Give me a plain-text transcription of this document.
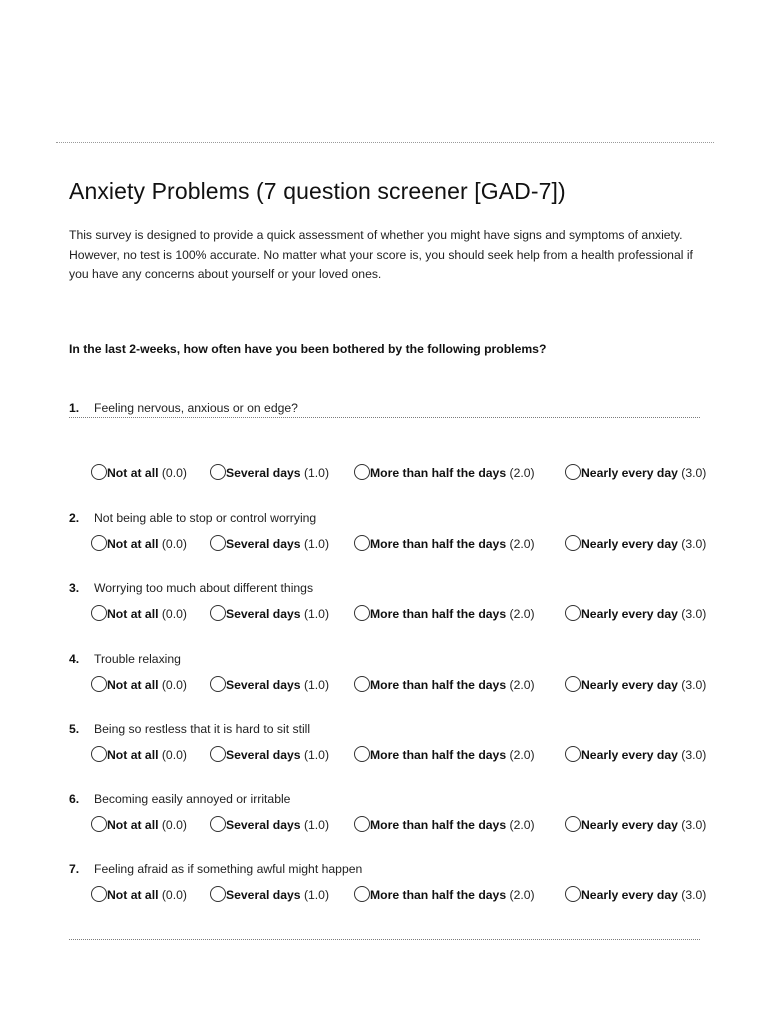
Anxiety Problems (7 question screener [GAD-7])

This survey is designed to provide a quick assessment of whether you might have signs and symptoms of anxiety. However, no test is 100% accurate. No matter what your score is, you should seek help from a health professional if you have any concerns about yourself or your loved ones.

In the last 2-weeks, how often have you been bothered by the following problems?

1. Feeling nervous, anxious or on edge?
Not at all (0.0)	Several days (1.0)	More than half the days (2.0)	Nearly every day (3.0)
2. Not being able to stop or control worrying
Not at all (0.0)	Several days (1.0)	More than half the days (2.0)	Nearly every day (3.0)
3. Worrying too much about different things
Not at all (0.0)	Several days (1.0)	More than half the days (2.0)	Nearly every day (3.0)
4. Trouble relaxing
Not at all (0.0)	Several days (1.0)	More than half the days (2.0)	Nearly every day (3.0)
5. Being so restless that it is hard to sit still
Not at all (0.0)	Several days (1.0)	More than half the days (2.0)	Nearly every day (3.0)
6. Becoming easily annoyed or irritable
Not at all (0.0)	Several days (1.0)	More than half the days (2.0)	Nearly every day (3.0)
7. Feeling afraid as if something awful might happen
Not at all (0.0)	Several days (1.0)	More than half the days (2.0)	Nearly every day (3.0)
